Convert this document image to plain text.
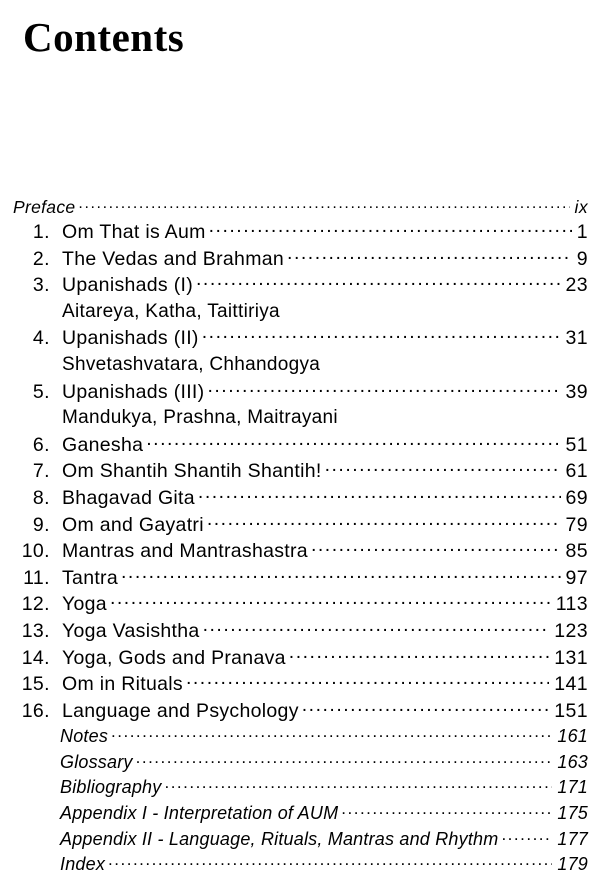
Contents
Preface .....	ix
1. Om That is Aum .....	1
2. The Vedas and Brahman .....	9
3. Upanishads (I) .....	23
Aitareya, Katha, Taittiriya
4. Upanishads (II) .....	31
Shvetashvatara, Chhandogya
5. Upanishads (III) .....	39
Mandukya, Prashna, Maitrayani
6. Ganesha .....	51
7. Om Shantih Shantih Shantih! .....	61
8. Bhagavad Gita .....	69
9. Om and Gayatri .....	79
10. Mantras and Mantrashastra .....	85
11. Tantra .....	97
12. Yoga .....	113
13. Yoga Vasishtha .....	123
14. Yoga, Gods and Pranava .....	131
15. Om in Rituals .....	141
16. Language and Psychology .....	151
Notes .....	161
Glossary .....	163
Bibliography .....	171
Appendix I - Interpretation of AUM .....	175
Appendix II - Language, Rituals, Mantras and Rhythm .....	177
Index .....	179
